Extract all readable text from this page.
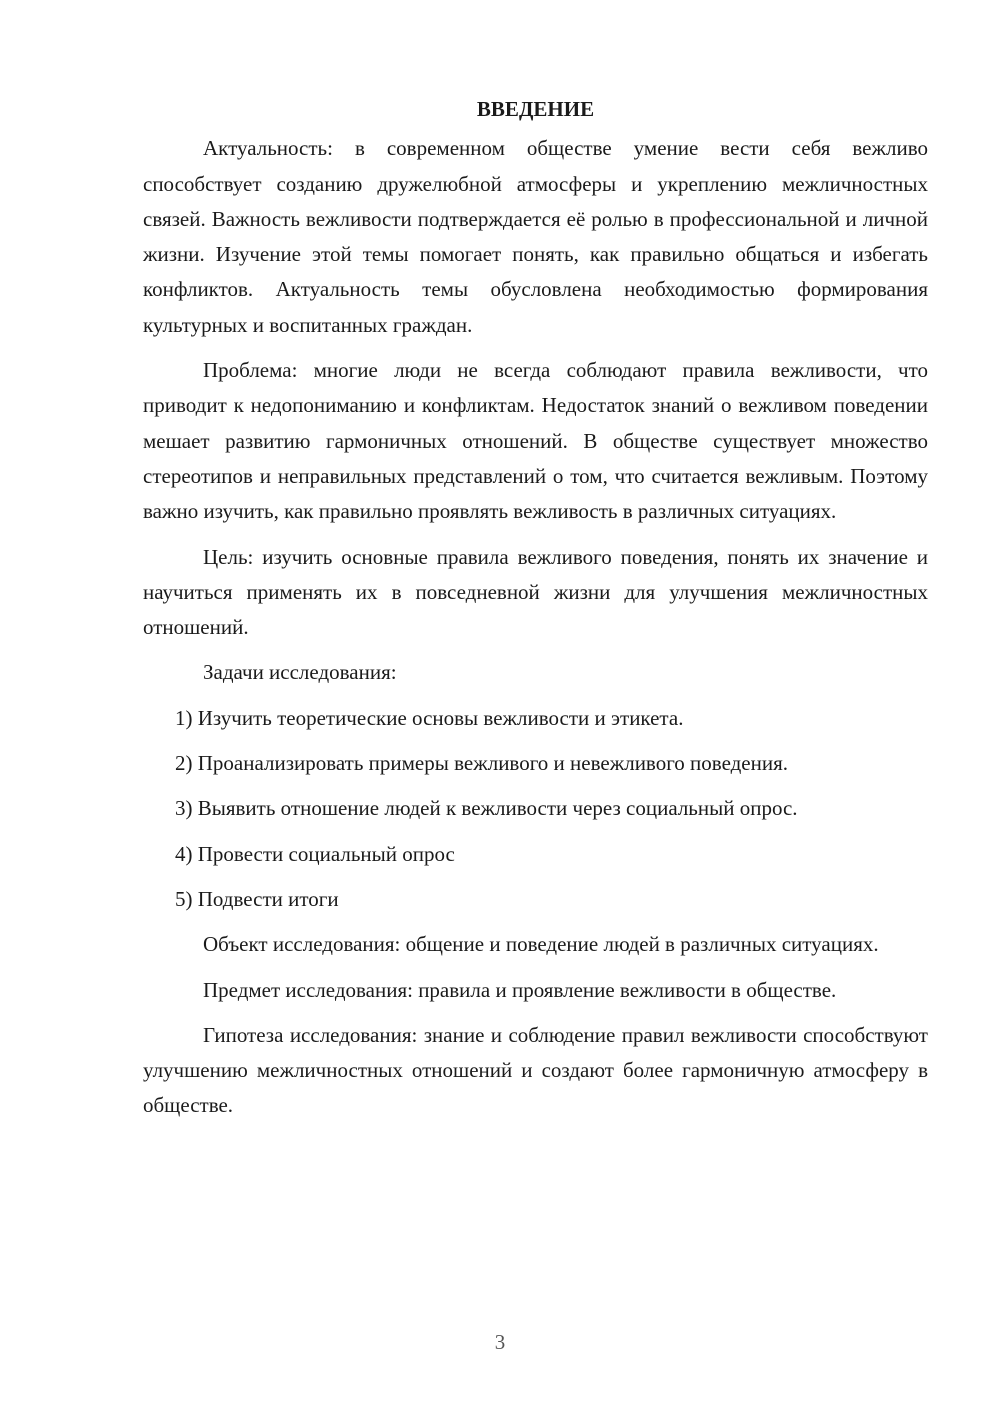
ВВЕДЕНИЕ

Актуальность: в современном обществе умение вести себя вежливо способствует созданию дружелюбной атмосферы и укреплению межличностных связей. Важность вежливости подтверждается её ролью в профессиональной и личной жизни. Изучение этой темы помогает понять, как правильно общаться и избегать конфликтов. Актуальность темы обусловлена необходимостью формирования культурных и воспитанных граждан.

Проблема: многие люди не всегда соблюдают правила вежливости, что приводит к недопониманию и конфликтам. Недостаток знаний о вежливом поведении мешает развитию гармоничных отношений. В обществе существует множество стереотипов и неправильных представлений о том, что считается вежливым. Поэтому важно изучить, как правильно проявлять вежливость в различных ситуациях.

Цель: изучить основные правила вежливого поведения, понять их значение и научиться применять их в повседневной жизни для улучшения межличностных отношений.

Задачи исследования:

1) Изучить теоретические основы вежливости и этикета.
2) Проанализировать примеры вежливого и невежливого поведения.
3) Выявить отношение людей к вежливости через социальный опрос.
4) Провести социальный опрос
5) Подвести итоги

Объект исследования: общение и поведение людей в различных ситуациях.

Предмет исследования: правила и проявление вежливости в обществе.

Гипотеза исследования: знание и соблюдение правил вежливости способствуют улучшению межличностных отношений и создают более гармоничную атмосферу в обществе.

3
